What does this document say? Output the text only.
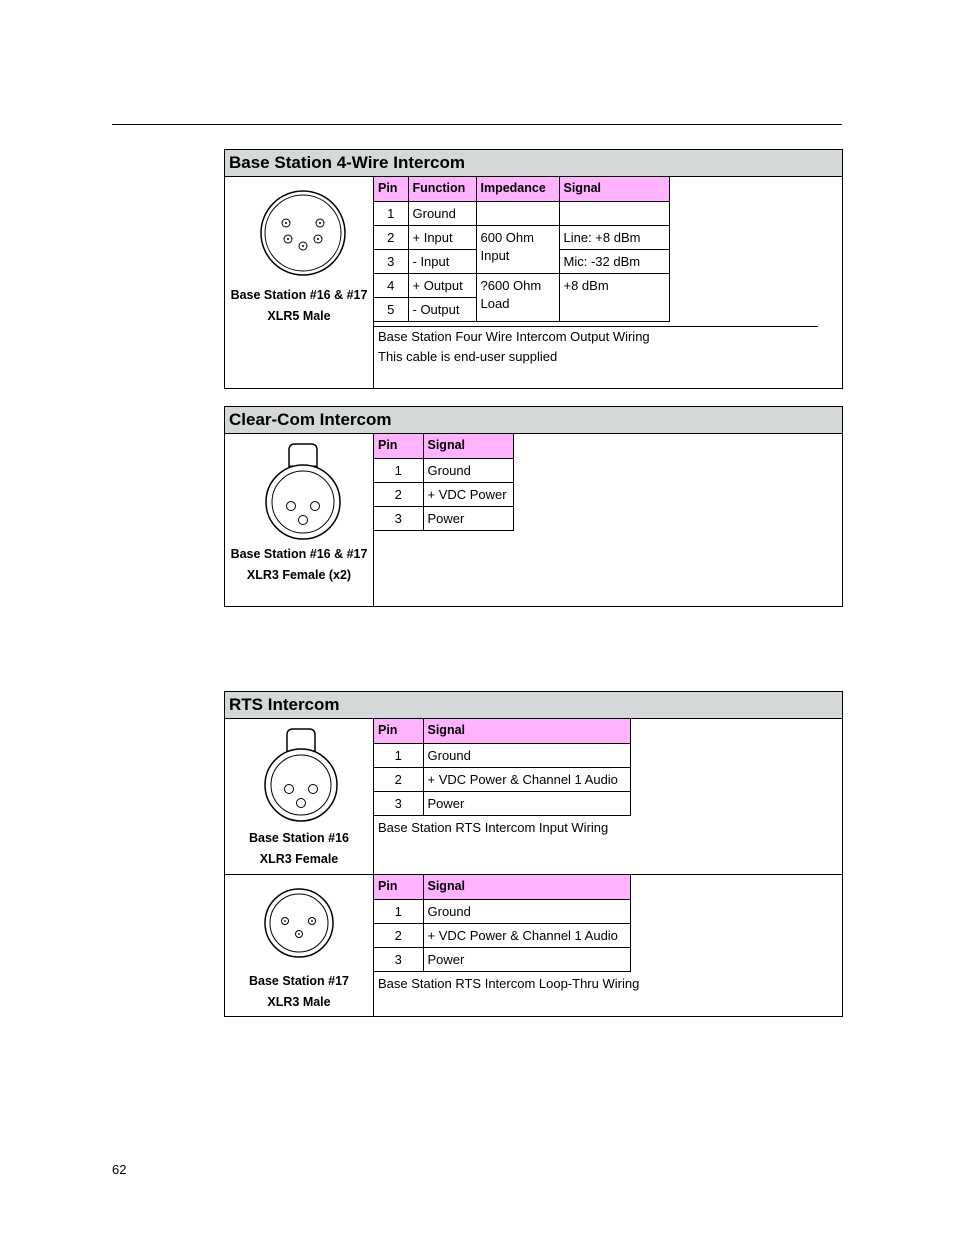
Base Station 4-Wire Intercom
Base Station #16 & #17
XLR5 Male
Pin	Function	Impedance	Signal
1	Ground		
2	+ Input	600 Ohm Input	Line: +8 dBm
3	- Input		Mic: -32 dBm
4	+ Output	?600 Ohm Load	+8 dBm
5	- Output		
Base Station Four Wire Intercom Output Wiring
This cable is end-user supplied
Clear-Com Intercom
Base Station #16 & #17
XLR3 Female (x2)
Pin	Signal
1	Ground
2	+ VDC Power
3	Power
RTS Intercom
Base Station #16
XLR3 Female
Pin	Signal
1	Ground
2	+ VDC Power & Channel 1 Audio
3	Power
Base Station RTS Intercom Input Wiring
Base Station #17
XLR3 Male
Pin	Signal
1	Ground
2	+ VDC Power & Channel 1 Audio
3	Power
Base Station RTS Intercom Loop-Thru Wiring
62
